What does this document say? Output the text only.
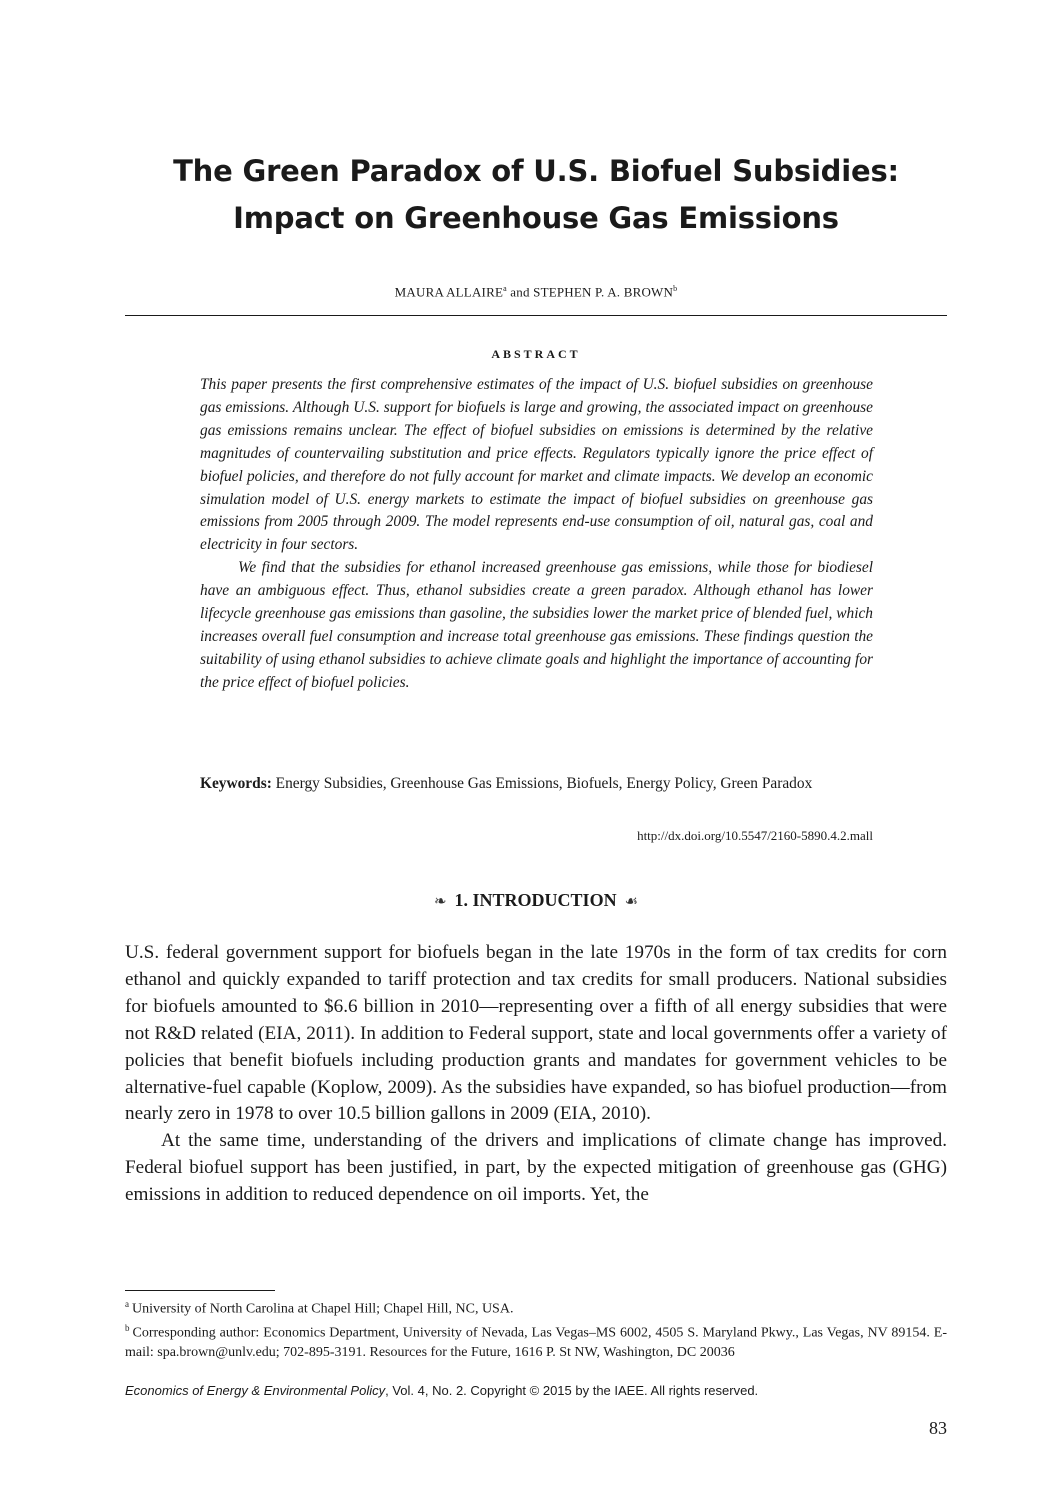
The Green Paradox of U.S. Biofuel Subsidies:
Impact on Greenhouse Gas Emissions
MAURA ALLAIRE$^a$ and STEPHEN P. A. BROWN$^b$
ABSTRACT

This paper presents the first comprehensive estimates of the impact of U.S. biofuel subsidies on greenhouse gas emissions. Although U.S. support for biofuels is large and growing, the associated impact on greenhouse gas emissions remains unclear. The effect of biofuel subsidies on emissions is determined by the relative magnitudes of countervailing substitution and price effects. Regulators typically ignore the price effect of biofuel policies, and therefore do not fully account for market and climate impacts. We develop an economic simulation model of U.S. energy markets to estimate the impact of biofuel subsidies on greenhouse gas emissions from 2005 through 2009. The model represents end-use consumption of oil, natural gas, coal and electricity in four sectors.

We find that the subsidies for ethanol increased greenhouse gas emissions, while those for biodiesel have an ambiguous effect. Thus, ethanol subsidies create a green paradox. Although ethanol has lower lifecycle greenhouse gas emissions than gasoline, the subsidies lower the market price of blended fuel, which increases overall fuel consumption and increase total greenhouse gas emissions. These findings question the suitability of using ethanol subsidies to achieve climate goals and highlight the importance of accounting for the price effect of biofuel policies.

Keywords: Energy Subsidies, Greenhouse Gas Emissions, Biofuels, Energy Policy, Green Paradox
http://dx.doi.org/10.5547/2160-5890.4.2.mall
❧ 1. INTRODUCTION ☙

U.S. federal government support for biofuels began in the late 1970s in the form of tax credits for corn ethanol and quickly expanded to tariff protection and tax credits for small producers. National subsidies for biofuels amounted to $6.6 billion in 2010—representing over a fifth of all energy subsidies that were not R&D related (EIA, 2011). In addition to Federal support, state and local governments offer a variety of policies that benefit biofuels including production grants and mandates for government vehicles to be alternative-fuel capable (Koplow, 2009). As the subsidies have expanded, so has biofuel production—from nearly zero in 1978 to over 10.5 billion gallons in 2009 (EIA, 2010).

At the same time, understanding of the drivers and implications of climate change has improved. Federal biofuel support has been justified, in part, by the expected mitigation of greenhouse gas (GHG) emissions in addition to reduced dependence on oil imports. Yet, the

$^a$ University of North Carolina at Chapel Hill; Chapel Hill, NC, USA.

$^b$ Corresponding author: Economics Department, University of Nevada, Las Vegas–MS 6002, 4505 S. Maryland Pkwy., Las Vegas, NV 89154. E-mail: spa.brown@unlv.edu; 702-895-3191. Resources for the Future, 1616 P. St NW, Washington, DC 20036

Economics of Energy & Environmental Policy, Vol. 4, No. 2. Copyright © 2015 by the IAEE. All rights reserved.
83
